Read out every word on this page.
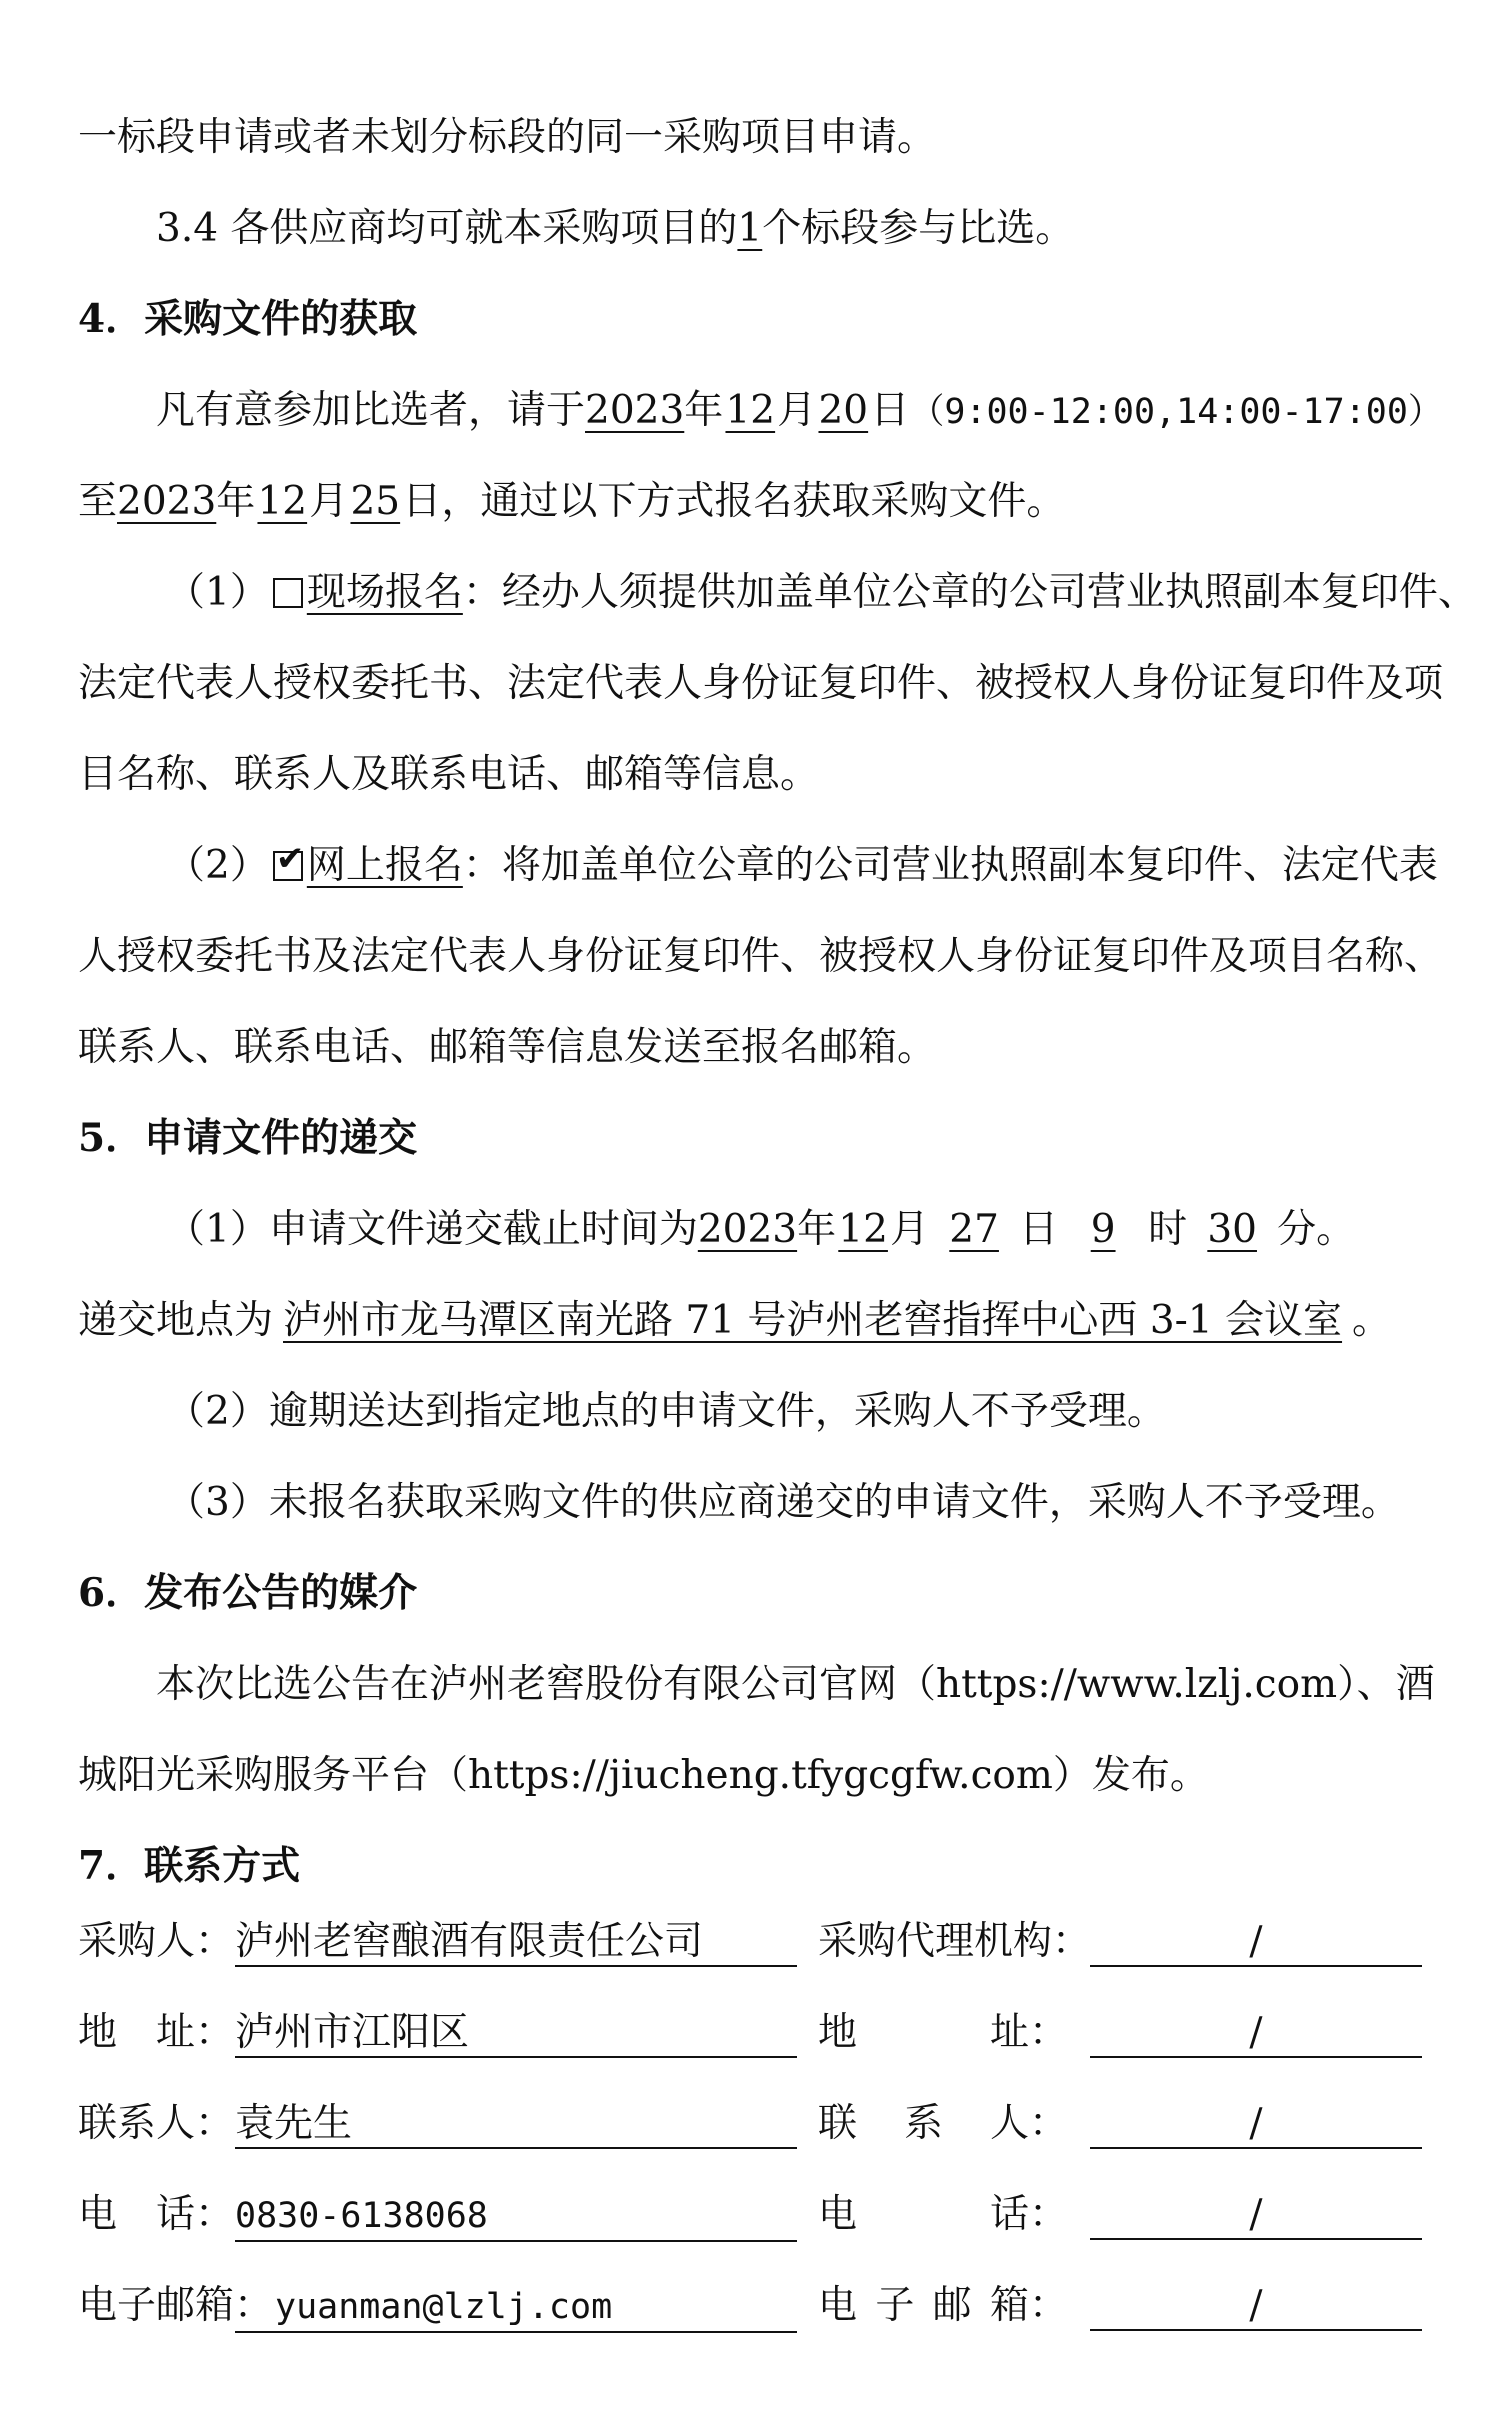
一标段申请或者未划分标段的同一采购项目申请。
3.4 各供应商均可就本采购项目的1个标段参与比选。
4．采购文件的获取
凡有意参加比选者，请于2023年12月20日（9:00-12:00,14:00-17:00）
至2023年12月25日，通过以下方式报名获取采购文件。
（1） 现场报名：经办人须提供加盖单位公章的公司营业执照副本复印件、
法定代表人授权委托书、法定代表人身份证复印件、被授权人身份证复印件及项
目名称、联系人及联系电话、邮箱等信息。
（2）✔ 网上报名：将加盖单位公章的公司营业执照副本复印件、法定代表
人授权委托书及法定代表人身份证复印件、被授权人身份证复印件及项目名称、
联系人、联系电话、邮箱等信息发送至报名邮箱。
5．申请文件的递交
（1）申请文件递交截止时间为2023年12月 27 日 9 时 30 分。
递交地点为 泸州市龙马潭区南光路 71 号泸州老窖指挥中心西 3-1 会议室 。
（2）逾期送达到指定地点的申请文件，采购人不予受理。
（3）未报名获取采购文件的供应商递交的申请文件，采购人不予受理。
6．发布公告的媒介
本次比选公告在泸州老窖股份有限公司官网（https://www.lzlj.com）、酒
城阳光采购服务平台（https://jiucheng.tfygcgfw.com）发布。
7．联系方式
采购人： 泸州老窖酿酒有限责任公司	采购代理机构：	/
地 址： 泸州市江阳区	地	址：	/
联系人： 袁先生	联 系 人：	/
电 话： 0830-6138068	电	话：	/
电子邮箱： yuanman@lzlj.com	电 子 邮 箱：	/
